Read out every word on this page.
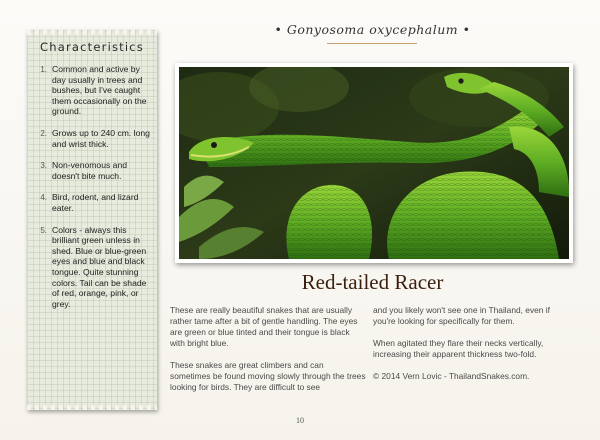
Characteristics
1. Common and active by day usually in trees and bushes, but I've caught them occasionally on the ground.
2. Grows up to 240 cm. long and wrist thick.
3. Non-venomous and doesn't bite much.
4. Bird, rodent, and lizard eater.
5. Colors - always this brilliant green unless in shed. Blue or blue-green eyes and blue and black tongue. Quite stunning colors. Tail can be shade of red, orange, pink, or grey.
• Gonyosoma oxycephalum •
Red-tailed Racer

These are really beautiful snakes that are usually rather tame after a bit of gentle handling. The eyes are green or blue tinted and their tongue is black with bright blue.

These snakes are great climbers and can sometimes be found moving slowly through the trees looking for birds. They are difficult to see

and you likely won't see one in Thailand, even if you're looking for specifically for them.

When agitated they flare their necks vertically, increasing their apparent thickness two-fold.

© 2014 Vern Lovic - ThailandSnakes.com.

10
